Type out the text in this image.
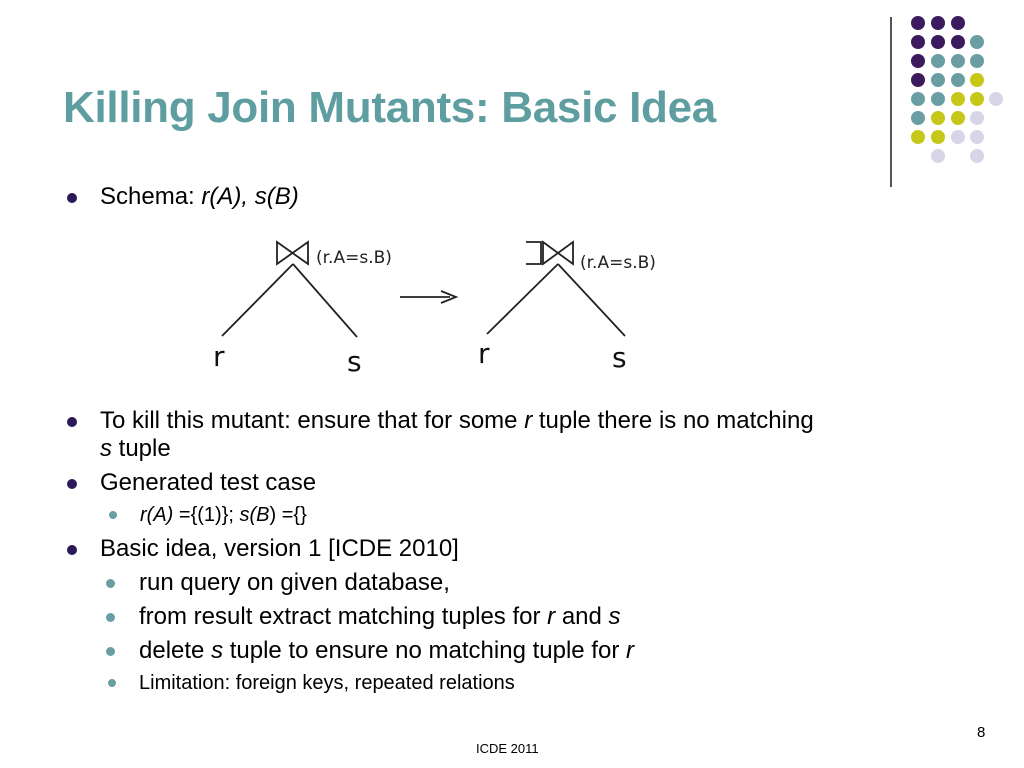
Killing Join Mutants: Basic Idea
Schema: r(A), s(B)
(r.A=s.B)	(r.A=s.B)
r	s	r	s
To kill this mutant: ensure that for some r tuple there is no matching
s tuple
Generated test case
r(A) ={(1)}; s(B) ={}
Basic idea, version 1 [ICDE 2010]
run query on given database,
from result extract matching tuples for r and s
delete s tuple to ensure no matching tuple for r
Limitation: foreign keys, repeated relations
8
ICDE 2011
